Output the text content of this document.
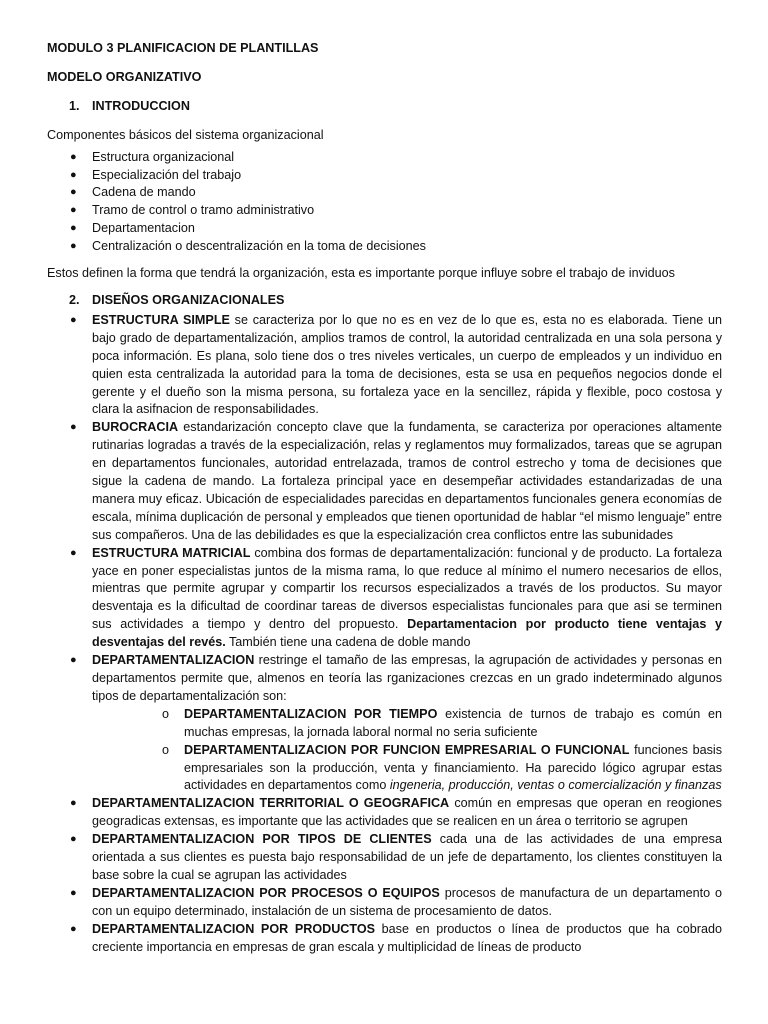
MODULO 3 PLANIFICACION DE PLANTILLAS

MODELO ORGANIZATIVO

1. INTRODUCCION

Componentes básicos del sistema organizacional

● Estructura organizacional
● Especialización del trabajo
● Cadena de mando
● Tramo de control o tramo administrativo
● Departamentacion
● Centralización o descentralización en la toma de decisiones

Estos definen la forma que tendrá la organización, esta es importante porque influye sobre el trabajo de inviduos

2. DISEÑOS ORGANIZACIONALES

● ESTRUCTURA SIMPLE se caracteriza por lo que no es en vez de lo que es, esta no es elaborada. Tiene un bajo grado de departamentalización, amplios tramos de control, la autoridad centralizada en una sola persona y poca información. Es plana, solo tiene dos o tres niveles verticales, un cuerpo de empleados y un individuo en quien esta centralizada la autoridad para la toma de decisiones, esta se usa en pequeños negocios donde el gerente y el dueño son la misma persona, su fortaleza yace en la sencillez, rápida y flexible, poco costosa y clara la asifnacion de responsabilidades.
● BUROCRACIA estandarización concepto clave que la fundamenta, se caracteriza por operaciones altamente rutinarias logradas a través de la especialización, relas y reglamentos muy formalizados, tareas que se agrupan en departamentos funcionales, autoridad entrelazada, tramos de control estrecho y toma de decisiones que sigue la cadena de mando. La fortaleza principal yace en desempeñar actividades estandarizadas de una manera muy eficaz. Ubicación de especialidades parecidas en departamentos funcionales genera economías de escala, mínima duplicación de personal y empleados que tienen oportunidad de hablar “el mismo lenguaje” entre sus compañeros. Una de las debilidades es que la especialización crea conflictos entre las subunidades
● ESTRUCTURA MATRICIAL combina dos formas de departamentalización: funcional y de producto. La fortaleza yace en poner especialistas juntos de la misma rama, lo que reduce al mínimo el numero necesarios de ellos, mientras que permite agrupar y compartir los recursos especializados a través de los productos. Su mayor desventaja es la dificultad de coordinar tareas de diversos especialistas funcionales para que asi se terminen sus actividades a tiempo y dentro del propuesto. Departamentacion por producto tiene ventajas y desventajas del revés. También tiene una cadena de doble mando
● DEPARTAMENTALIZACION restringe el tamaño de las empresas, la agrupación de actividades y personas en departamentos permite que, almenos en teoría las rganizaciones crezcas en un grado indeterminado algunos tipos de departamentalización son:
o DEPARTAMENTALIZACION POR TIEMPO existencia de turnos de trabajo es común en muchas empresas, la jornada laboral normal no seria suficiente
o DEPARTAMENTALIZACION POR FUNCION EMPRESARIAL O FUNCIONAL funciones basis empresariales son la producción, venta y financiamiento. Ha parecido lógico agrupar estas actividades en departamentos como ingeneria, producción, ventas o comercialización y finanzas
● DEPARTAMENTALIZACION TERRITORIAL O GEOGRAFICA común en empresas que operan en reogiones geogradicas extensas, es importante que las actividades que se realicen en un área o territorio se agrupen
● DEPARTAMENTALIZACION POR TIPOS DE CLIENTES cada una de las actividades de una empresa orientada a sus clientes es puesta bajo responsabilidad de un jefe de departamento, los clientes constituyen la base sobre la cual se agrupan las actividades
● DEPARTAMENTALIZACION POR PROCESOS O EQUIPOS procesos de manufactura de un departamento o con un equipo determinado, instalación de un sistema de procesamiento de datos.
● DEPARTAMENTALIZACION POR PRODUCTOS base en productos o línea de productos que ha cobrado creciente importancia en empresas de gran escala y multiplicidad de líneas de producto
